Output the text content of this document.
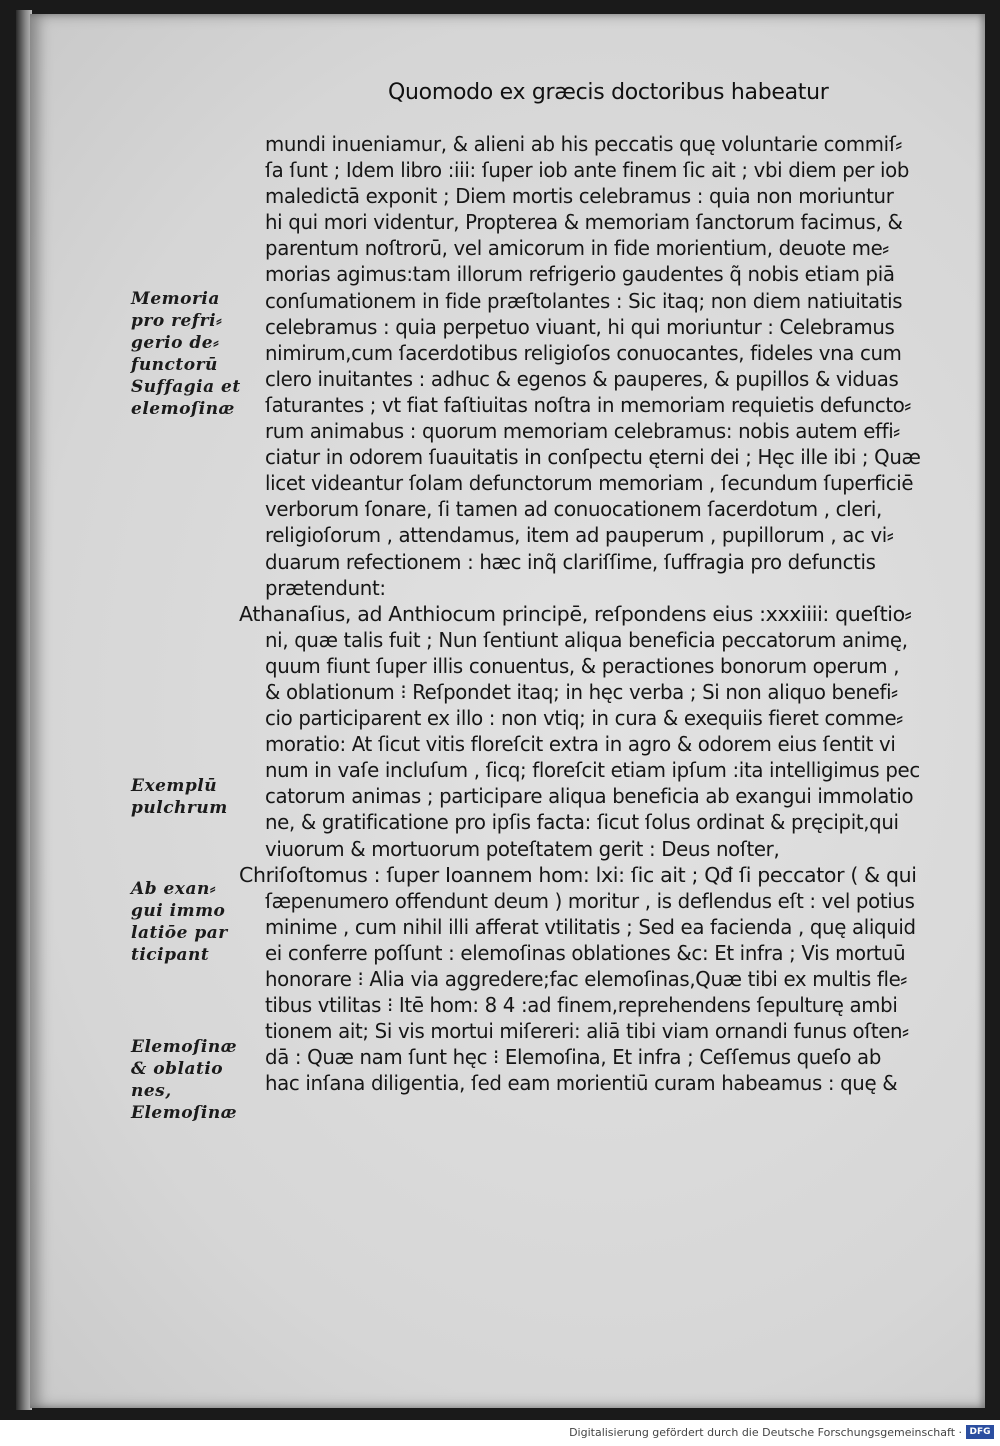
Quomodo ex græcis doctoribus habeatur
mundi inueniamur, & alieni ab his peccatis quę voluntarie commiſ⸗
ſa ſunt ; Idem libro :iii: ſuper iob ante finem ſic ait ; vbi diem per iob
maledictā exponit ; Diem mortis celebramus : quia non moriuntur
hi qui mori videntur, Propterea & memoriam ſanctorum facimus, &
parentum noſtrorū, vel amicorum in fide morientium, deuote me⸗
morias agimus:tam illorum refrigerio gaudentes q̃ nobis etiam piā
conſumationem in fide præſtolantes : Sic itaq; non diem natiuitatis
celebramus : quia perpetuo viuant, hi qui moriuntur : Celebramus
nimirum,cum ſacerdotibus religioſos conuocantes, fideles vna cum
clero inuitantes : adhuc & egenos & pauperes, & pupillos & viduas
ſaturantes ; vt fiat faſtiuitas noſtra in memoriam requietis defuncto⸗
rum animabus : quorum memoriam celebramus: nobis autem effi⸗
ciatur in odorem ſuauitatis in conſpectu ęterni dei ; Hęc ille ibi ; Quæ
licet videantur ſolam defunctorum memoriam , ſecundum ſuperficiē
verborum ſonare, ſi tamen ad conuocationem ſacerdotum , cleri,
religioſorum , attendamus, item ad pauperum , pupillorum , ac vi⸗
duarum refectionem : hæc inq̃ clariſſime, ſuffragia pro defunctis
prætendunt:
Athanaſius, ad Anthiocum principē, reſpondens eius :xxxiiii: queſtio⸗
ni, quæ talis fuit ; Nun ſentiunt aliqua beneficia peccatorum animę,
quum fiunt ſuper illis conuentus, & peractiones bonorum operum ,
& oblationum ⁝ Reſpondet itaq; in hęc verba ; Si non aliquo benefi⸗
cio participarent ex illo : non vtiq; in cura & exequiis fieret comme⸗
moratio: At ſicut vitis floreſcit extra in agro & odorem eius ſentit vi
num in vaſe incluſum , ſicq; floreſcit etiam ipſum :ita intelligimus pec
catorum animas ; participare aliqua beneficia ab exangui immolatio
ne, & gratificatione pro ipſis facta: ſicut ſolus ordinat & pręcipit,qui
viuorum & mortuorum poteſtatem gerit : Deus noſter,
Chriſoſtomus : ſuper Ioannem hom: lxi: ſic ait ; Qđ ſi peccator ( & qui
ſæpenumero offendunt deum ) moritur , is deflendus eſt : vel potius
minime , cum nihil illi afferat vtilitatis ; Sed ea facienda , quę aliquid
ei conferre poſſunt : elemoſinas oblationes &c: Et infra ; Vis mortuū
honorare ⁝ Alia via aggredere;fac elemoſinas,Quæ tibi ex multis fle⸗
tibus vtilitas ⁝ Itē hom: 8 4 :ad finem,reprehendens ſepulturę ambi
tionem ait; Si vis mortui miſereri: aliā tibi viam ornandi funus oſten⸗
dā : Quæ nam ſunt hęc ⁝ Elemoſina, Et infra ; Ceſſemus queſo ab
hac inſana diligentia, ſed eam morientiū curam habeamus : quę &
Memoria
pro refri⸗
gerio de⸗
functorū
Suffagia et
elemoſinæ
Exemplū
pulchrum
Ab exan⸗
gui immo
latiōe par
ticipant
Elemoſinæ
& oblatio
nes,
Elemoſinæ
Digitalisierung gefördert durch die Deutsche Forschungsgemeinschaft · DFG
